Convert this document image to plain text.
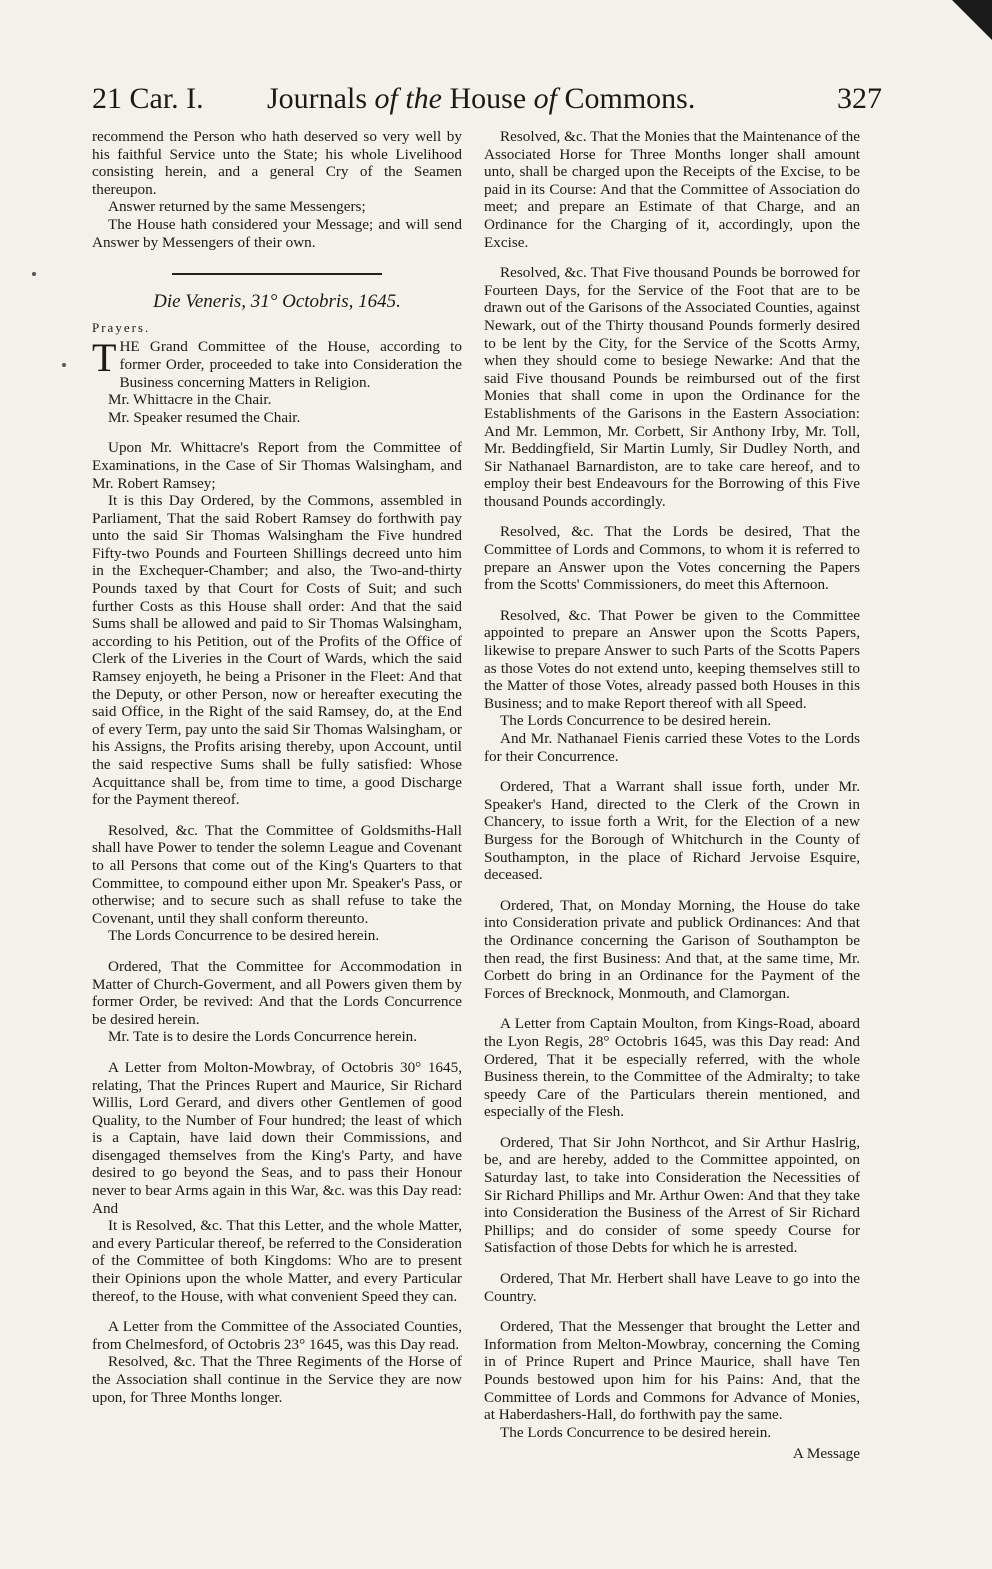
21 Car. I. Journals of the House of Commons.	327

recommend the Person who hath deserved so very well by his faithful Service unto the State; his whole Livelihood consisting herein, and a general Cry of the Seamen thereupon.

Answer returned by the same Messengers;

The House hath considered your Message; and will send Answer by Messengers of their own.

Die Veneris, 31° Octobris, 1645.

Prayers.

THE Grand Committee of the House, according to former Order, proceeded to take into Consideration the Business concerning Matters in Religion.

Mr. Whittacre in the Chair.

Mr. Speaker resumed the Chair.

Upon Mr. Whittacre's Report from the Committee of Examinations, in the Case of Sir Thomas Walsingham, and Mr. Robert Ramsey;

It is this Day Ordered, by the Commons, assembled in Parliament, That the said Robert Ramsey do forthwith pay unto the said Sir Thomas Walsingham the Five hundred Fifty-two Pounds and Fourteen Shillings decreed unto him in the Exchequer-Chamber; and also, the Two-and-thirty Pounds taxed by that Court for Costs of Suit; and such further Costs as this House shall order: And that the said Sums shall be allowed and paid to Sir Thomas Walsingham, according to his Petition, out of the Profits of the Office of Clerk of the Liveries in the Court of Wards, which the said Ramsey enjoyeth, he being a Prisoner in the Fleet: And that the Deputy, or other Person, now or hereafter executing the said Office, in the Right of the said Ramsey, do, at the End of every Term, pay unto the said Sir Thomas Walsingham, or his Assigns, the Profits arising thereby, upon Account, until the said respective Sums shall be fully satisfied: Whose Acquittance shall be, from time to time, a good Discharge for the Payment thereof.

Resolved, &c. That the Committee of Goldsmiths-Hall shall have Power to tender the solemn League and Covenant to all Persons that come out of the King's Quarters to that Committee, to compound either upon Mr. Speaker's Pass, or otherwise; and to secure such as shall refuse to take the Covenant, until they shall conform thereunto.

The Lords Concurrence to be desired herein.

Ordered, That the Committee for Accommodation in Matter of Church-Goverment, and all Powers given them by former Order, be revived: And that the Lords Concurrence be desired herein.

Mr. Tate is to desire the Lords Concurrence herein.

A Letter from Molton-Mowbray, of Octobris 30° 1645, relating, That the Princes Rupert and Maurice, Sir Richard Willis, Lord Gerard, and divers other Gentlemen of good Quality, to the Number of Four hundred; the least of which is a Captain, have laid down their Commissions, and disengaged themselves from the King's Party, and have desired to go beyond the Seas, and to pass their Honour never to bear Arms again in this War, &c. was this Day read: And

It is Resolved, &c. That this Letter, and the whole Matter, and every Particular thereof, be referred to the Consideration of the Committee of both Kingdoms: Who are to present their Opinions upon the whole Matter, and every Particular thereof, to the House, with what convenient Speed they can.

A Letter from the Committee of the Associated Counties, from Chelmesford, of Octobris 23° 1645, was this Day read.

Resolved, &c. That the Three Regiments of the Horse of the Association shall continue in the Service they are now upon, for Three Months longer.

Resolved, &c. That the Monies that the Maintenance of the Associated Horse for Three Months longer shall amount unto, shall be charged upon the Receipts of the Excise, to be paid in its Course: And that the Committee of Association do meet; and prepare an Estimate of that Charge, and an Ordinance for the Charging of it, accordingly, upon the Excise.

Resolved, &c. That Five thousand Pounds be borrowed for Fourteen Days, for the Service of the Foot that are to be drawn out of the Garisons of the Associated Counties, against Newark, out of the Thirty thousand Pounds formerly desired to be lent by the City, for the Service of the Scotts Army, when they should come to besiege Newarke: And that the said Five thousand Pounds be reimbursed out of the first Monies that shall come in upon the Ordinance for the Establishments of the Garisons in the Eastern Association: And Mr. Lemmon, Mr. Corbett, Sir Anthony Irby, Mr. Toll, Mr. Beddingfield, Sir Martin Lumly, Sir Dudley North, and Sir Nathanael Barnardiston, are to take care hereof, and to employ their best Endeavours for the Borrowing of this Five thousand Pounds accordingly.

Resolved, &c. That the Lords be desired, That the Committee of Lords and Commons, to whom it is referred to prepare an Answer upon the Votes concerning the Papers from the Scotts' Commissioners, do meet this Afternoon.

Resolved, &c. That Power be given to the Committee appointed to prepare an Answer upon the Scotts Papers, likewise to prepare Answer to such Parts of the Scotts Papers as those Votes do not extend unto, keeping themselves still to the Matter of those Votes, already passed both Houses in this Business; and to make Report thereof with all Speed.

The Lords Concurrence to be desired herein.

And Mr. Nathanael Fienis carried these Votes to the Lords for their Concurrence.

Ordered, That a Warrant shall issue forth, under Mr. Speaker's Hand, directed to the Clerk of the Crown in Chancery, to issue forth a Writ, for the Election of a new Burgess for the Borough of Whitchurch in the County of Southampton, in the place of Richard Jervoise Esquire, deceased.

Ordered, That, on Monday Morning, the House do take into Consideration private and publick Ordinances: And that the Ordinance concerning the Garison of Southampton be then read, the first Business: And that, at the same time, Mr. Corbett do bring in an Ordinance for the Payment of the Forces of Brecknock, Monmouth, and Clamorgan.

A Letter from Captain Moulton, from Kings-Road, aboard the Lyon Regis, 28° Octobris 1645, was this Day read: And Ordered, That it be especially referred, with the whole Business therein, to the Committee of the Admiralty; to take speedy Care of the Particulars therein mentioned, and especially of the Flesh.

Ordered, That Sir John Northcot, and Sir Arthur Haslrig, be, and are hereby, added to the Committee appointed, on Saturday last, to take into Consideration the Necessities of Sir Richard Phillips and Mr. Arthur Owen: And that they take into Consideration the Business of the Arrest of Sir Richard Phillips; and do consider of some speedy Course for Satisfaction of those Debts for which he is arrested.

Ordered, That Mr. Herbert shall have Leave to go into the Country.

Ordered, That the Messenger that brought the Letter and Information from Melton-Mowbray, concerning the Coming in of Prince Rupert and Prince Maurice, shall have Ten Pounds bestowed upon him for his Pains: And, that the Committee of Lords and Commons for Advance of Monies, at Haberdashers-Hall, do forthwith pay the same.

The Lords Concurrence to be desired herein.

A Message
